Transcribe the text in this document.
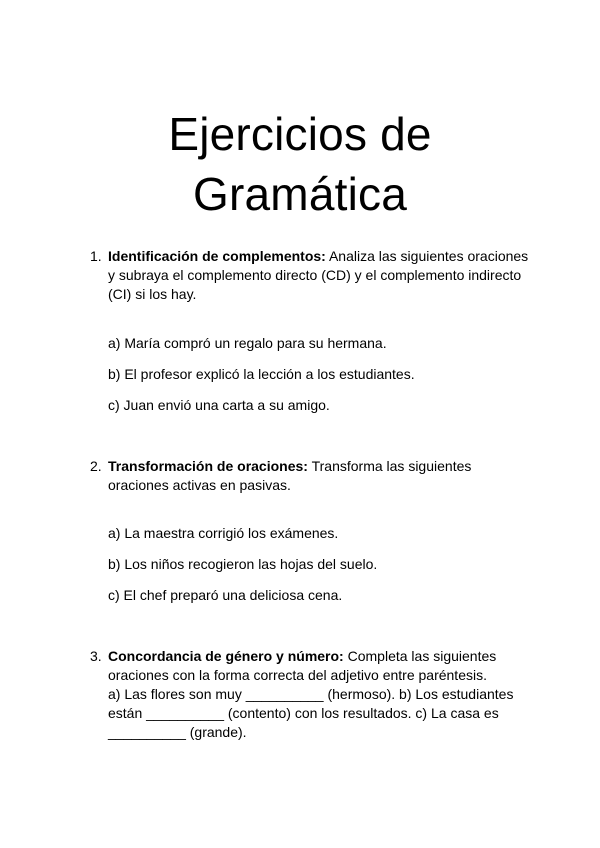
Ejercicios de
Gramática
1. Identificación de complementos: Analiza las siguientes oraciones y subraya el complemento directo (CD) y el complemento indirecto (CI) si los hay.
a) María compró un regalo para su hermana.
b) El profesor explicó la lección a los estudiantes.
c) Juan envió una carta a su amigo.
2. Transformación de oraciones: Transforma las siguientes oraciones activas en pasivas.
a) La maestra corrigió los exámenes.
b) Los niños recogieron las hojas del suelo.
c) El chef preparó una deliciosa cena.
3. Concordancia de género y número: Completa las siguientes oraciones con la forma correcta del adjetivo entre paréntesis.
a) Las flores son muy __________ (hermoso). b) Los estudiantes están __________ (contento) con los resultados. c) La casa es __________ (grande).
